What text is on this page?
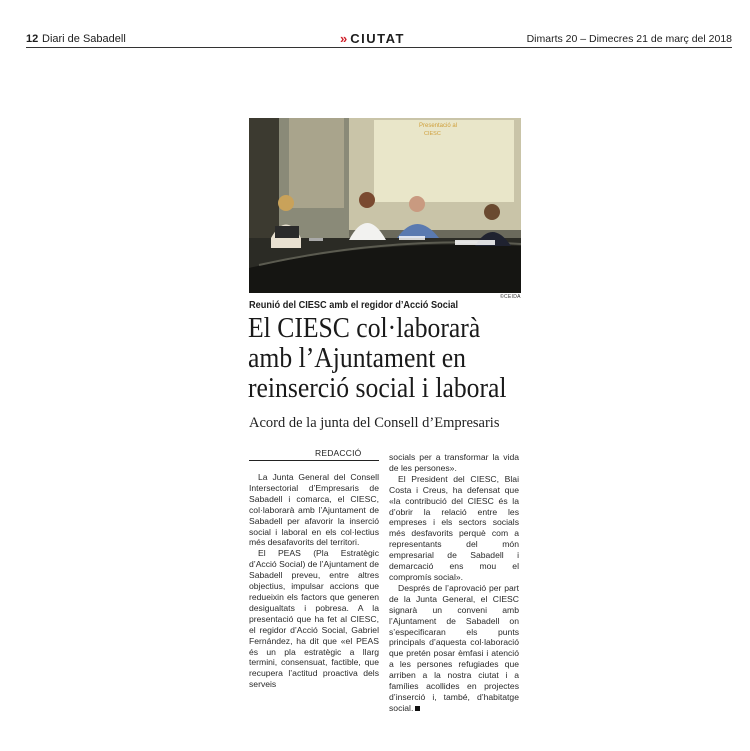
12 Diari de Sabadell	» CIUTAT	Dimarts 20 – Dimecres 21 de març del 2018
Presentació al
CIESC
©CEIDA
Reunió del CIESC amb el regidor d’Acció Social
El CIESC col·laborarà
amb l’Ajuntament en
reinserció social i laboral
Acord de la junta del Consell d’Empresaris
REDACCIÓ

La Junta General del Consell Intersectorial d’Empresaris de Sabadell i comarca, el CIESC, col·laborarà amb l’Ajuntament de Sabadell per afavorir la inserció social i laboral en els col·lectius més desafavorits del territori.

El PEAS (Pla Estratègic d’Acció Social) de l’Ajuntament de Sabadell preveu, entre altres objectius, impulsar accions que redueixin els factors que generen desigualtats i pobresa. A la presentació que ha fet al CIESC, el regidor d’Acció Social, Gabriel Fernández, ha dit que «el PEAS és un pla estratègic a llarg termini, consensuat, factible, que recupera l’actitud proactiva dels serveis

socials per a transformar la vida de les persones».

El President del CIESC, Blai Costa i Creus, ha defensat que «la contribució del CIESC és la d’obrir la relació entre les empreses i els sectors socials més desfavorits perquè com a representants del món empresarial de Sabadell i demarcació ens mou el compromís social».

Després de l’aprovació per part de la Junta General, el CIESC signarà un conveni amb l’Ajuntament de Sabadell on s’especificaran els punts principals d’aquesta col·laboració que pretén posar èmfasi i atenció a les persones refugiades que arriben a la nostra ciutat i a famílies acollides en projectes d’inserció i, també, d’habitatge social.
